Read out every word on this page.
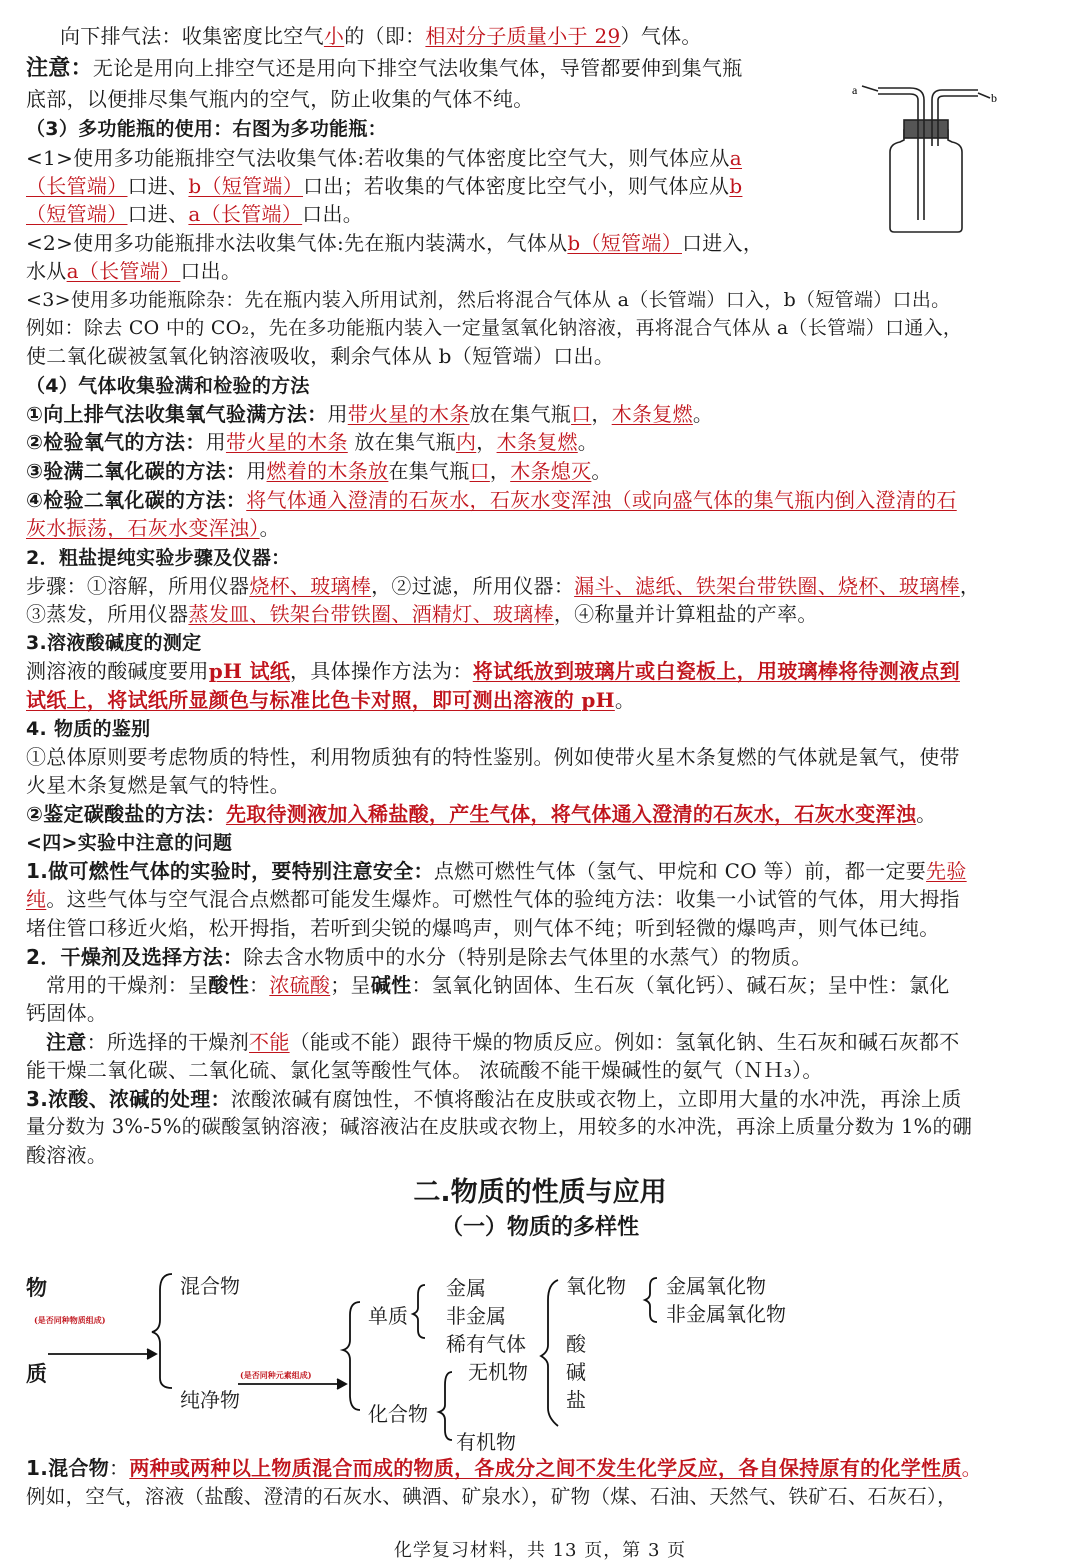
向下排气法：收集密度比空气小的（即：相对分子质量小于 29）气体。
注意：无论是用向上排空气还是用向下排空气法收集气体，导管都要伸到集气瓶
底部，以便排尽集气瓶内的空气，防止收集的气体不纯。	a
b
（3）多功能瓶的使用：右图为多功能瓶：
<1>使用多功能瓶排空气法收集气体:若收集的气体密度比空气大，则气体应从a
（长管端）口进、b（短管端）口出；若收集的气体密度比空气小，则气体应从b
（短管端）口进、a（长管端）口出。
<2>使用多功能瓶排水法收集气体:先在瓶内装满水，气体从b（短管端）口进入，
水从a（长管端）口出。
<3>使用多功能瓶除杂：先在瓶内装入所用试剂，然后将混合气体从 a（长管端）口入，b（短管端）口出。
例如：除去 CO 中的 CO₂，先在多功能瓶内装入一定量氢氧化钠溶液，再将混合气体从 a（长管端）口通入，
使二氧化碳被氢氧化钠溶液吸收，剩余气体从 b（短管端）口出。
（4）气体收集验满和检验的方法
①向上排气法收集氧气验满方法：用带火星的木条放在集气瓶口，木条复燃。
②检验氧气的方法：用带火星的木条 放在集气瓶内，木条复燃。
③验满二氧化碳的方法：用燃着的木条放在集气瓶口，木条熄灭。
④检验二氧化碳的方法：将气体通入澄清的石灰水，石灰水变浑浊（或向盛气体的集气瓶内倒入澄清的石
灰水振荡，石灰水变浑浊）。
2．粗盐提纯实验步骤及仪器：
步骤：①溶解，所用仪器烧杯、玻璃棒，②过滤，所用仪器：漏斗、滤纸、铁架台带铁圈、烧杯、玻璃棒，
③蒸发，所用仪器蒸发皿、铁架台带铁圈、酒精灯、玻璃棒，④称量并计算粗盐的产率。
3.溶液酸碱度的测定
测溶液的酸碱度要用pH 试纸，具体操作方法为：将试纸放到玻璃片或白瓷板上，用玻璃棒将待测液点到
试纸上，将试纸所显颜色与标准比色卡对照，即可测出溶液的 pH。
4. 物质的鉴别
①总体原则要考虑物质的特性，利用物质独有的特性鉴别。例如使带火星木条复燃的气体就是氧气，使带
火星木条复燃是氧气的特性。
②鉴定碳酸盐的方法：先取待测液加入稀盐酸，产生气体，将气体通入澄清的石灰水，石灰水变浑浊。
<四>实验中注意的问题
1.做可燃性气体的实验时，要特别注意安全：点燃可燃性气体（氢气、甲烷和 CO 等）前，都一定要先验
纯。这些气体与空气混合点燃都可能发生爆炸。可燃性气体的验纯方法：收集一小试管的气体，用大拇指
堵住管口移近火焰，松开拇指，若听到尖锐的爆鸣声，则气体不纯；听到轻微的爆鸣声，则气体已纯。
2．干燥剂及选择方法：除去含水物质中的水分（特别是除去气体里的水蒸气）的物质。
常用的干燥剂：呈酸性：浓硫酸；呈碱性：氢氧化钠固体、生石灰（氧化钙）、碱石灰；呈中性：氯化
钙固体。
注意：所选择的干燥剂不能（能或不能）跟待干燥的物质反应。例如：氢氧化钠、生石灰和碱石灰都不
能干燥二氧化碳、二氧化硫、氯化氢等酸性气体。 浓硫酸不能干燥碱性的氨气（ＮＨ₃）。
3.浓酸、浓碱的处理：浓酸浓碱有腐蚀性，不慎将酸沾在皮肤或衣物上，立即用大量的水冲洗，再涂上质
量分数为 3%-5%的碳酸氢钠溶液；碱溶液沾在皮肤或衣物上，用较多的水冲洗，再涂上质量分数为 1%的硼
酸溶液。
二.物质的性质与应用
（一）物质的多样性
物
质
(是否同种物质组成)
混合物
纯净物
(是否同种元素组成)
单质
化合物
金属
非金属
稀有气体
无机物
有机物
氧化物
酸
碱
盐
金属氧化物
非金属氧化物
1.混合物：两种或两种以上物质混合而成的物质，各成分之间不发生化学反应，各自保持原有的化学性质。
例如，空气，溶液（盐酸、澄清的石灰水、碘酒、矿泉水），矿物（煤、石油、天然气、铁矿石、石灰石），
化学复习材料，共 13 页，第 3 页
